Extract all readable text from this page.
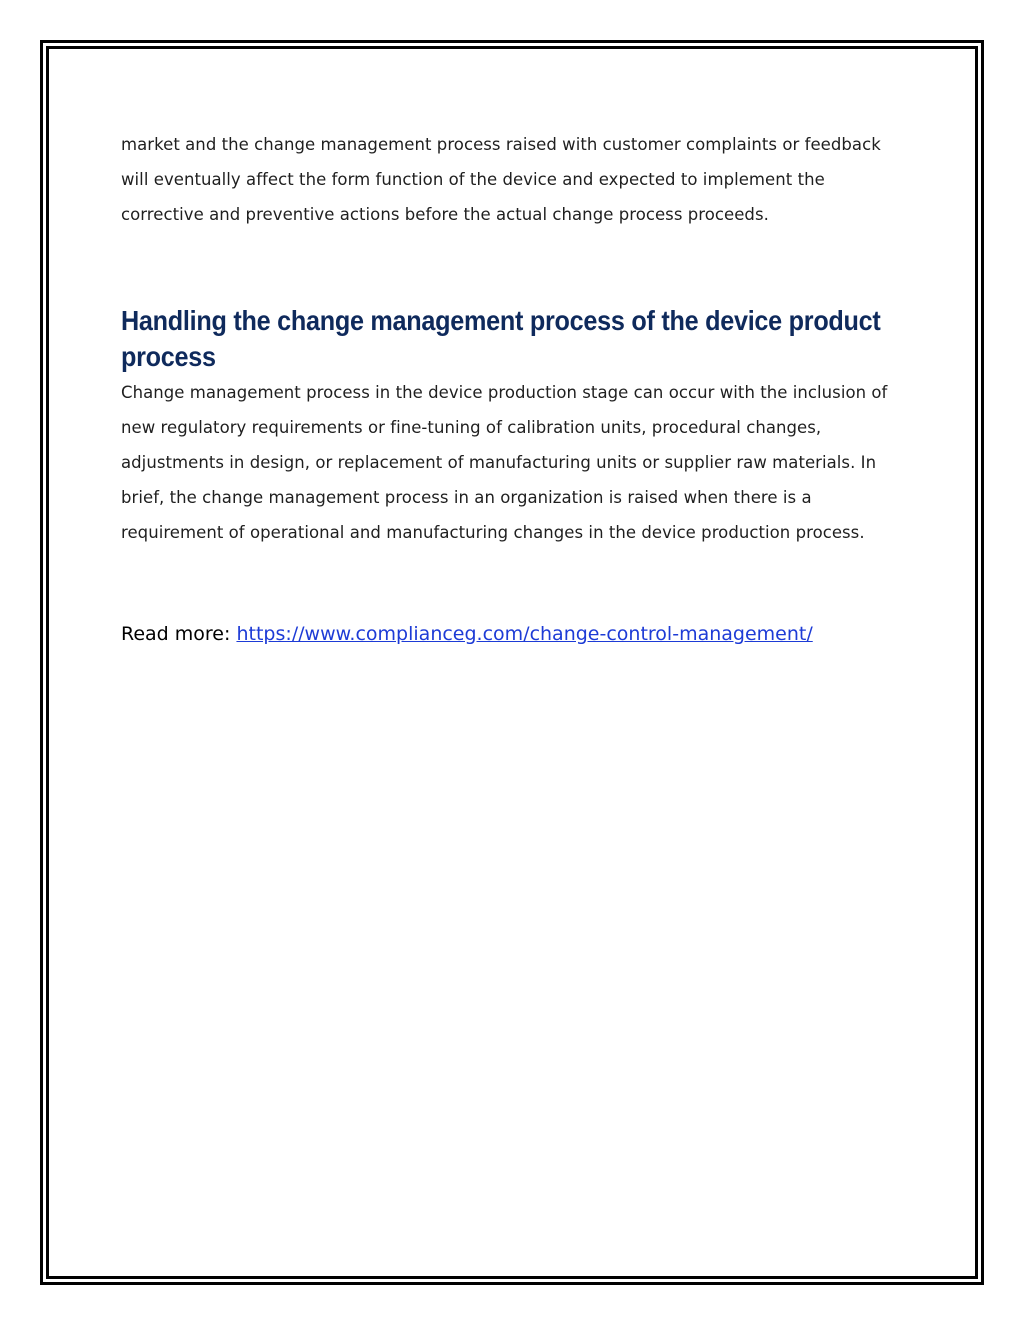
market and the change management process raised with customer complaints or feedback will eventually affect the form function of the device and expected to implement the corrective and preventive actions before the actual change process proceeds.

Handling the change management process of the device product process

Change management process in the device production stage can occur with the inclusion of new regulatory requirements or fine-tuning of calibration units, procedural changes, adjustments in design, or replacement of manufacturing units or supplier raw materials. In brief, the change management process in an organization is raised when there is a requirement of operational and manufacturing changes in the device production process.

Read more: https://www.complianceg.com/change-control-management/
